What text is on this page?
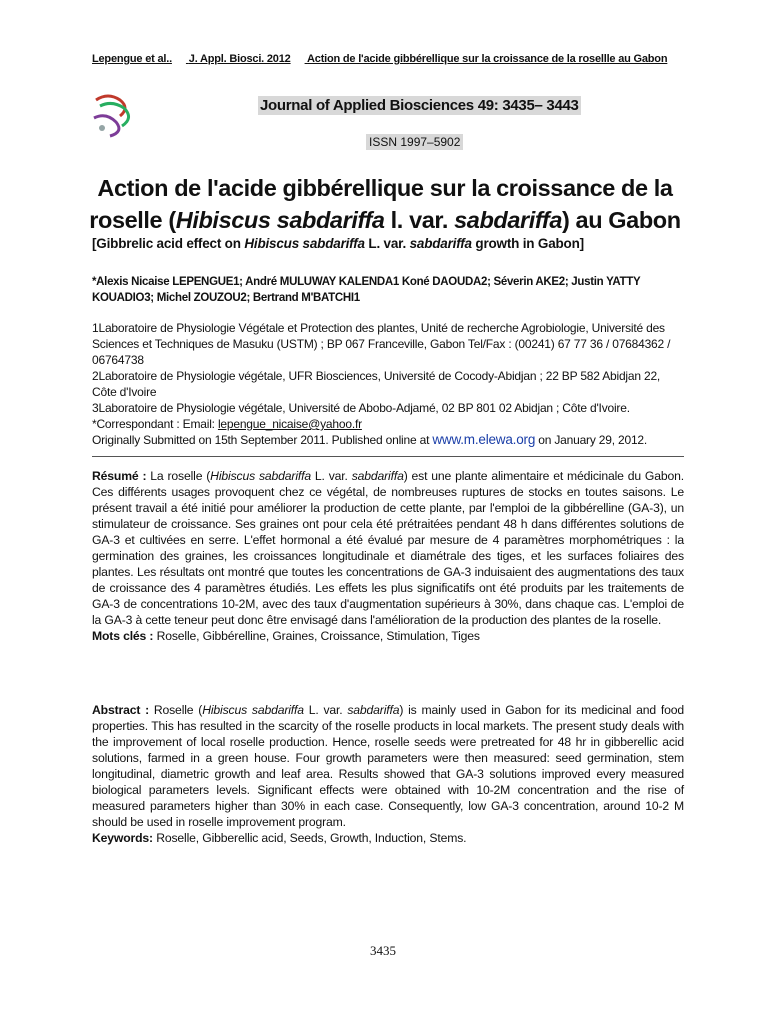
Lepengue et al.. J. Appl. Biosci. 2012 Action de l'acide gibbérellique sur la croissance de la rosellle au Gabon
Journal of Applied Biosciences 49: 3435– 3443
ISSN 1997–5902
Action de l'acide gibbérellique sur la croissance de la roselle (Hibiscus sabdariffa l. var. sabdariffa) au Gabon
[Gibbrelic acid effect on Hibiscus sabdariffa L. var. sabdariffa growth in Gabon]
*Alexis Nicaise LEPENGUE1; André MULUWAY KALENDA1 Koné DAOUDA2; Séverin AKE2; Justin YATTY KOUADIO3; Michel ZOUZOU2; Bertrand M'BATCHI1

1Laboratoire de Physiologie Végétale et Protection des plantes, Unité de recherche Agrobiologie, Université des Sciences et Techniques de Masuku (USTM) ; BP 067 Franceville, Gabon Tel/Fax : (00241) 67 77 36 / 07684362 / 06764738

2Laboratoire de Physiologie végétale, UFR Biosciences, Université de Cocody-Abidjan ; 22 BP 582 Abidjan 22, Côte d'Ivoire

3Laboratoire de Physiologie végétale, Université de Abobo-Adjamé, 02 BP 801 02 Abidjan ; Côte d'Ivoire.

*Correspondant : Email: lepengue_nicaise@yahoo.fr

Originally Submitted on 15th September 2011. Published online at www.m.elewa.org on January 29, 2012.

Résumé : La roselle (Hibiscus sabdariffa L. var. sabdariffa) est une plante alimentaire et médicinale du Gabon. Ces différents usages provoquent chez ce végétal, de nombreuses ruptures de stocks en toutes saisons. Le présent travail a été initié pour améliorer la production de cette plante, par l'emploi de la gibbérelline (GA-3), un stimulateur de croissance. Ses graines ont pour cela été prétraitées pendant 48 h dans différentes solutions de GA-3 et cultivées en serre. L'effet hormonal a été évalué par mesure de 4 paramètres morphométriques : la germination des graines, les croissances longitudinale et diamétrale des tiges, et les surfaces foliaires des plantes. Les résultats ont montré que toutes les concentrations de GA-3 induisaient des augmentations des taux de croissance des 4 paramètres étudiés. Les effets les plus significatifs ont été produits par les traitements de GA-3 de concentrations 10-2M, avec des taux d'augmentation supérieurs à 30%, dans chaque cas. L'emploi de la GA-3 à cette teneur peut donc être envisagé dans l'amélioration de la production des plantes de la roselle.

Mots clés : Roselle, Gibbérelline, Graines, Croissance, Stimulation, Tiges

Abstract : Roselle (Hibiscus sabdariffa L. var. sabdariffa) is mainly used in Gabon for its medicinal and food properties. This has resulted in the scarcity of the roselle products in local markets. The present study deals with the improvement of local roselle production. Hence, roselle seeds were pretreated for 48 hr in gibberellic acid solutions, farmed in a green house. Four growth parameters were then measured: seed germination, stem longitudinal, diametric growth and leaf area. Results showed that GA-3 solutions improved every measured biological parameters levels. Significant effects were obtained with 10-2M concentration and the rise of measured parameters higher than 30% in each case. Consequently, low GA-3 concentration, around 10-2 M should be used in roselle improvement program.

Keywords: Roselle, Gibberellic acid, Seeds, Growth, Induction, Stems.

3435
